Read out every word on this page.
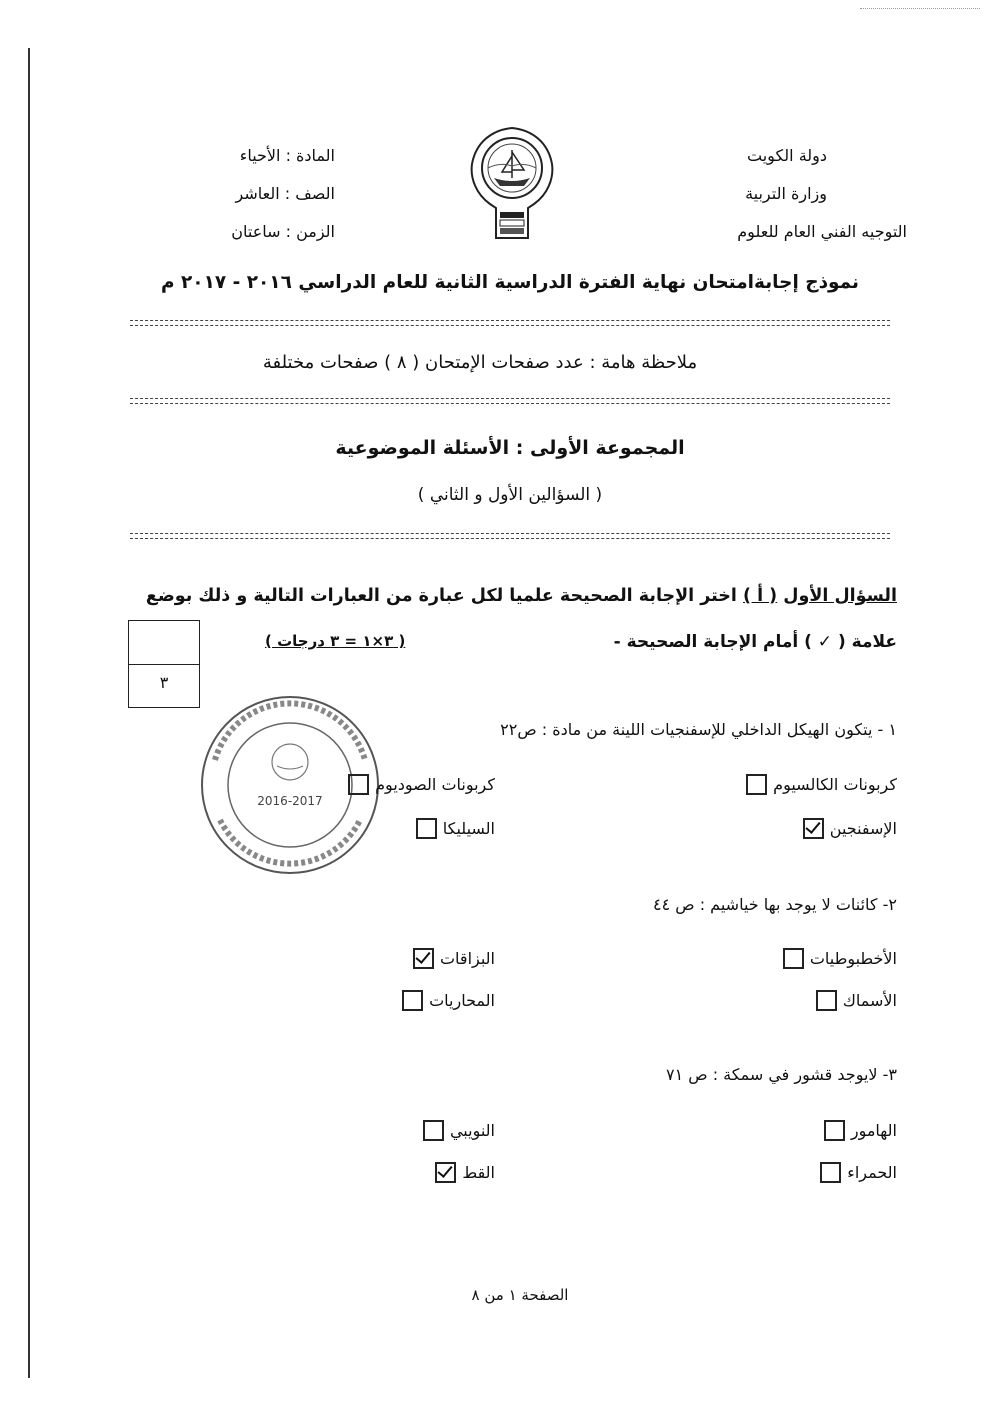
دولة الكويت
وزارة التربية
التوجيه الفني العام للعلوم
المادة : الأحياء
الصف : العاشر
الزمن : ساعتان
نموذج إجابةامتحان نهاية الفترة الدراسية الثانية للعام الدراسي ٢٠١٦ - ٢٠١٧ م
ملاحظة هامة : عدد صفحات الإمتحان ( ٨ ) صفحات مختلفة
المجموعة الأولى : الأسئلة الموضوعية
( السؤالين الأول و الثاني )
السؤال الأول ( أ ) اختر الإجابة الصحيحة علميا لكل عبارة من العبارات التالية و ذلك بوضع
علامة ( ✓ ) أمام الإجابة الصحيحة -
( ٣×١ = ٣ درجات )
٣
2016-2017
١ - يتكون الهيكل الداخلي للإسفنجيات اللينة من مادة : ص٢٢
كربونات الكالسيوم
كربونات الصوديوم
الإسفنجين
السيليكا
٢- كائنات لا يوجد بها خياشيم : ص ٤٤
الأخطبوطيات
البزاقات
الأسماك
المحاريات
٣- لايوجد قشور في سمكة : ص ٧١
الهامور
النويبي
الحمراء
القط
الصفحة ١ من ٨
